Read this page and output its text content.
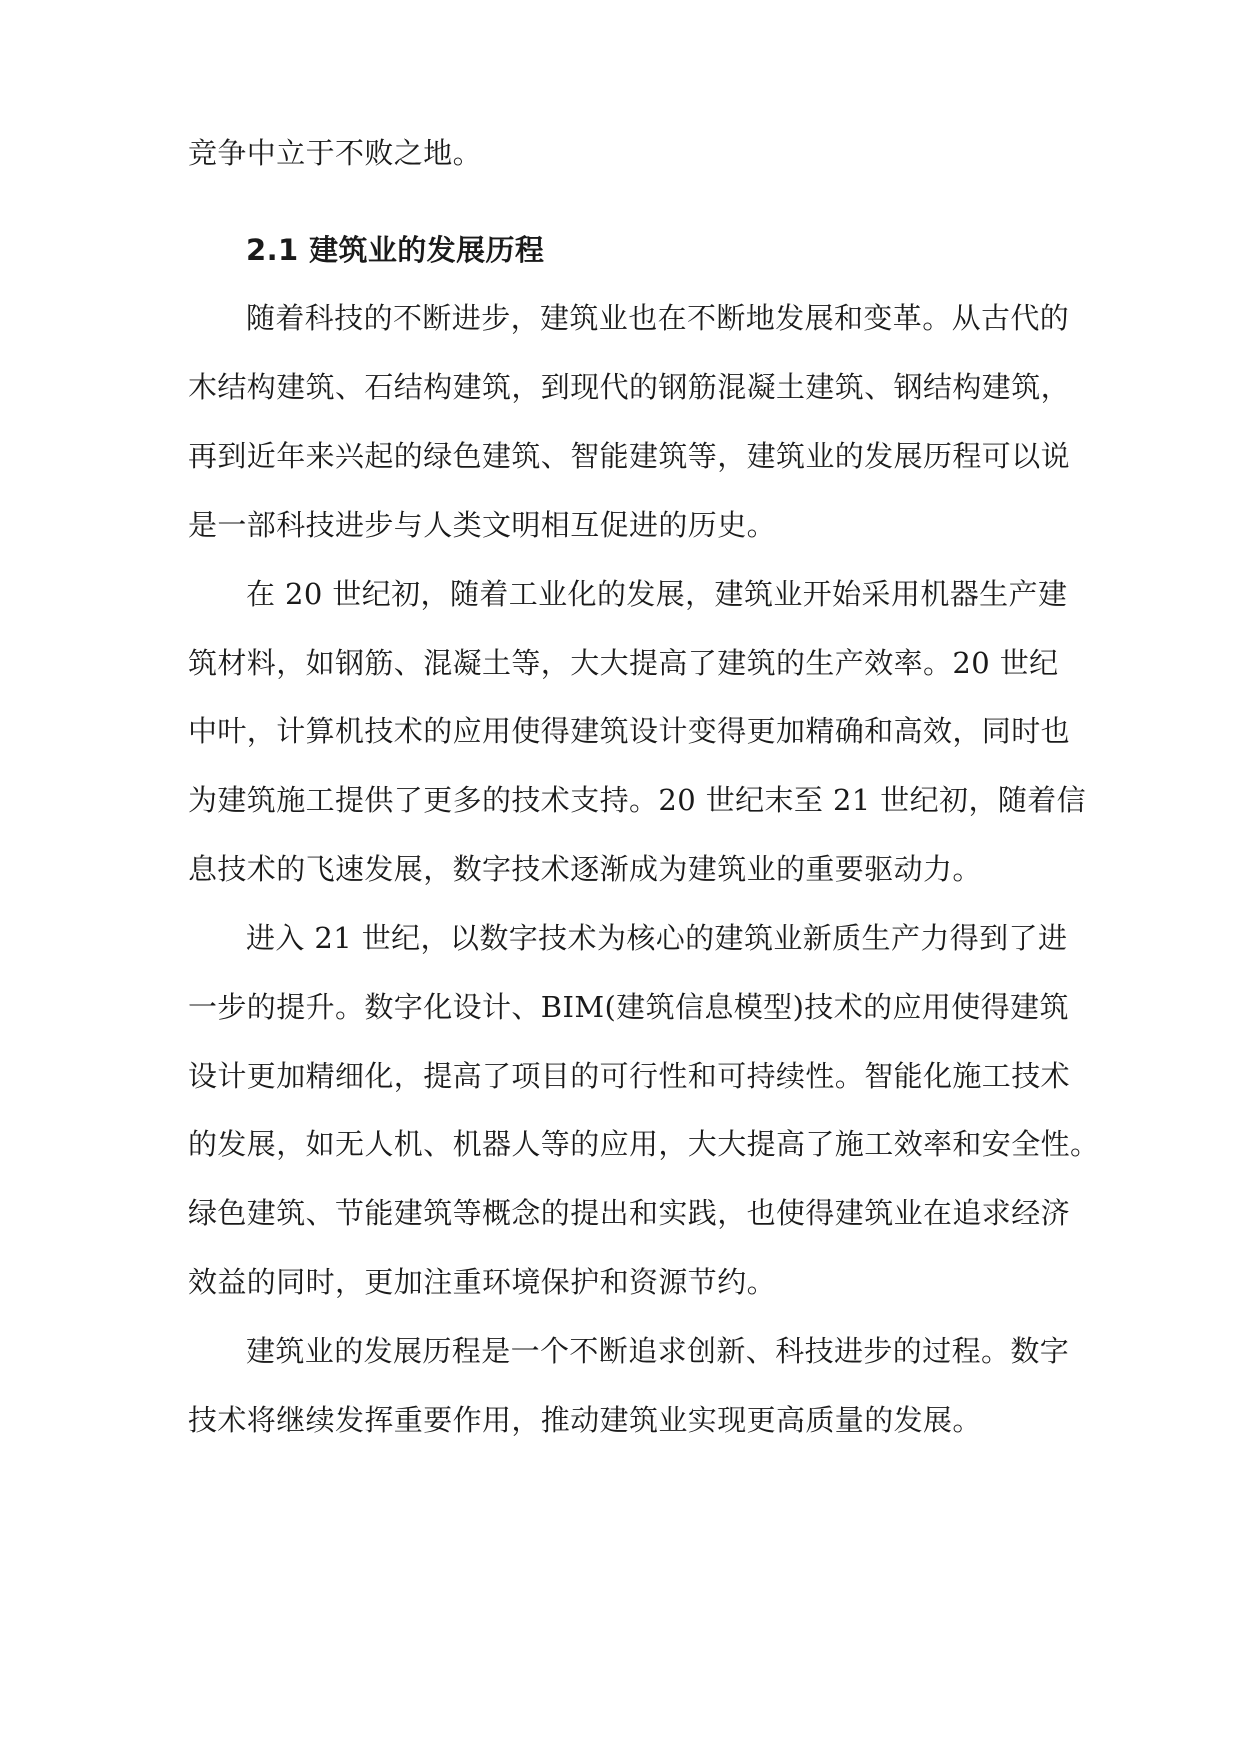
竞争中立于不败之地。
2.1 建筑业的发展历程
随着科技的不断进步，建筑业也在不断地发展和变革。从古代的
木结构建筑、石结构建筑，到现代的钢筋混凝土建筑、钢结构建筑，
再到近年来兴起的绿色建筑、智能建筑等，建筑业的发展历程可以说
是一部科技进步与人类文明相互促进的历史。
在 20 世纪初，随着工业化的发展，建筑业开始采用机器生产建
筑材料，如钢筋、混凝土等，大大提高了建筑的生产效率。20 世纪
中叶，计算机技术的应用使得建筑设计变得更加精确和高效，同时也
为建筑施工提供了更多的技术支持。20 世纪末至 21 世纪初，随着信
息技术的飞速发展，数字技术逐渐成为建筑业的重要驱动力。
进入 21 世纪，以数字技术为核心的建筑业新质生产力得到了进
一步的提升。数字化设计、BIM(建筑信息模型)技术的应用使得建筑
设计更加精细化，提高了项目的可行性和可持续性。智能化施工技术
的发展，如无人机、机器人等的应用，大大提高了施工效率和安全性。
绿色建筑、节能建筑等概念的提出和实践，也使得建筑业在追求经济
效益的同时，更加注重环境保护和资源节约。
建筑业的发展历程是一个不断追求创新、科技进步的过程。数字
技术将继续发挥重要作用，推动建筑业实现更高质量的发展。
